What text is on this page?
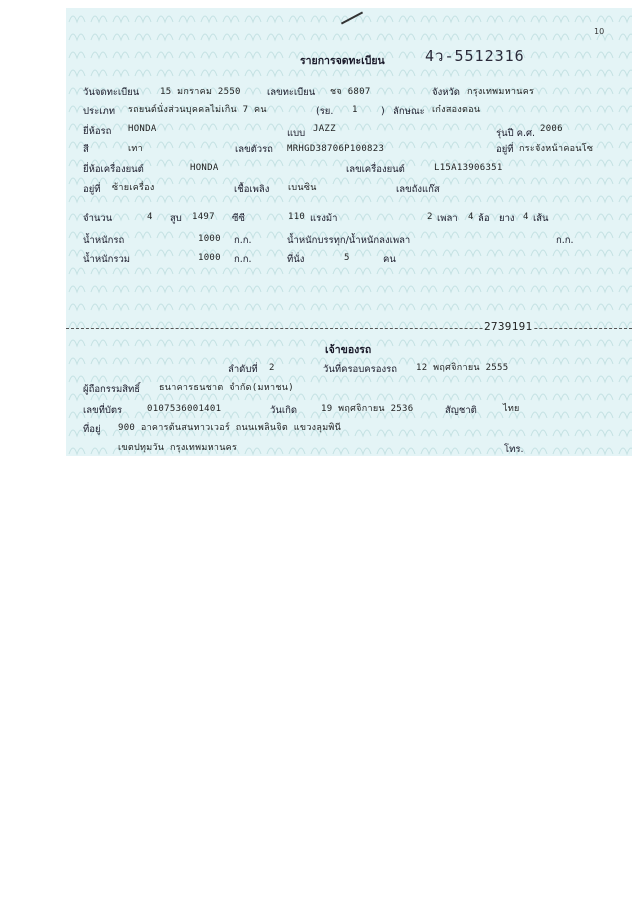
10
รายการจดทะเบียน	4ว-5512316
วันจดทะเบียน 15 มกราคม 2550	เลขทะเบียน ชจ 6807	จังหวัด กรุงเทพมหานคร
ประเภท รถยนต์นั่งส่วนบุคคลไม่เกิน 7 คน	(รย. 1 ) ลักษณะ เก๋งสองตอน
ยี่ห้อรถ HONDA	แบบ JAZZ	รุ่นปี ค.ศ. 2006
สี	เทา	เลขตัวรถ MRHGD38706P100823	อยู่ที่ กระจังหน้าคอนโซ
ยี่ห้อเครื่องยนต์	HONDA	เลขเครื่องยนต์	L15A13906351
อยู่ที่ ซ้ายเครื่อง	เชื้อเพลิง เบนซิน	เลขถังแก๊ส
จำนวน	4 สูบ 1497 ซีซี	110 แรงม้า	2 เพลา 4 ล้อ ยาง 4 เส้น
น้ำหนักรถ	1000 ก.ก.	น้ำหนักบรรทุก/น้ำหนักลงเพลา	ก.ก.
น้ำหนักรวม	1000 ก.ก.	ที่นั่ง	5	คน
2739191
เจ้าของรถ
ลำดับที่ 2	วันที่ครอบครองรถ 12 พฤศจิกายน 2555
ผู้ถือกรรมสิทธิ์ ธนาคารธนชาต จำกัด(มหาชน)
เลขที่บัตร	0107536001401	วันเกิด	19 พฤศจิกายน 2536	สัญชาติ	ไทย
ที่อยู่ 900 อาคารต้นสนทาวเวอร์ ถนนเพลินจิต แขวงลุมพินี
เขตปทุมวัน กรุงเทพมหานคร	โทร.
